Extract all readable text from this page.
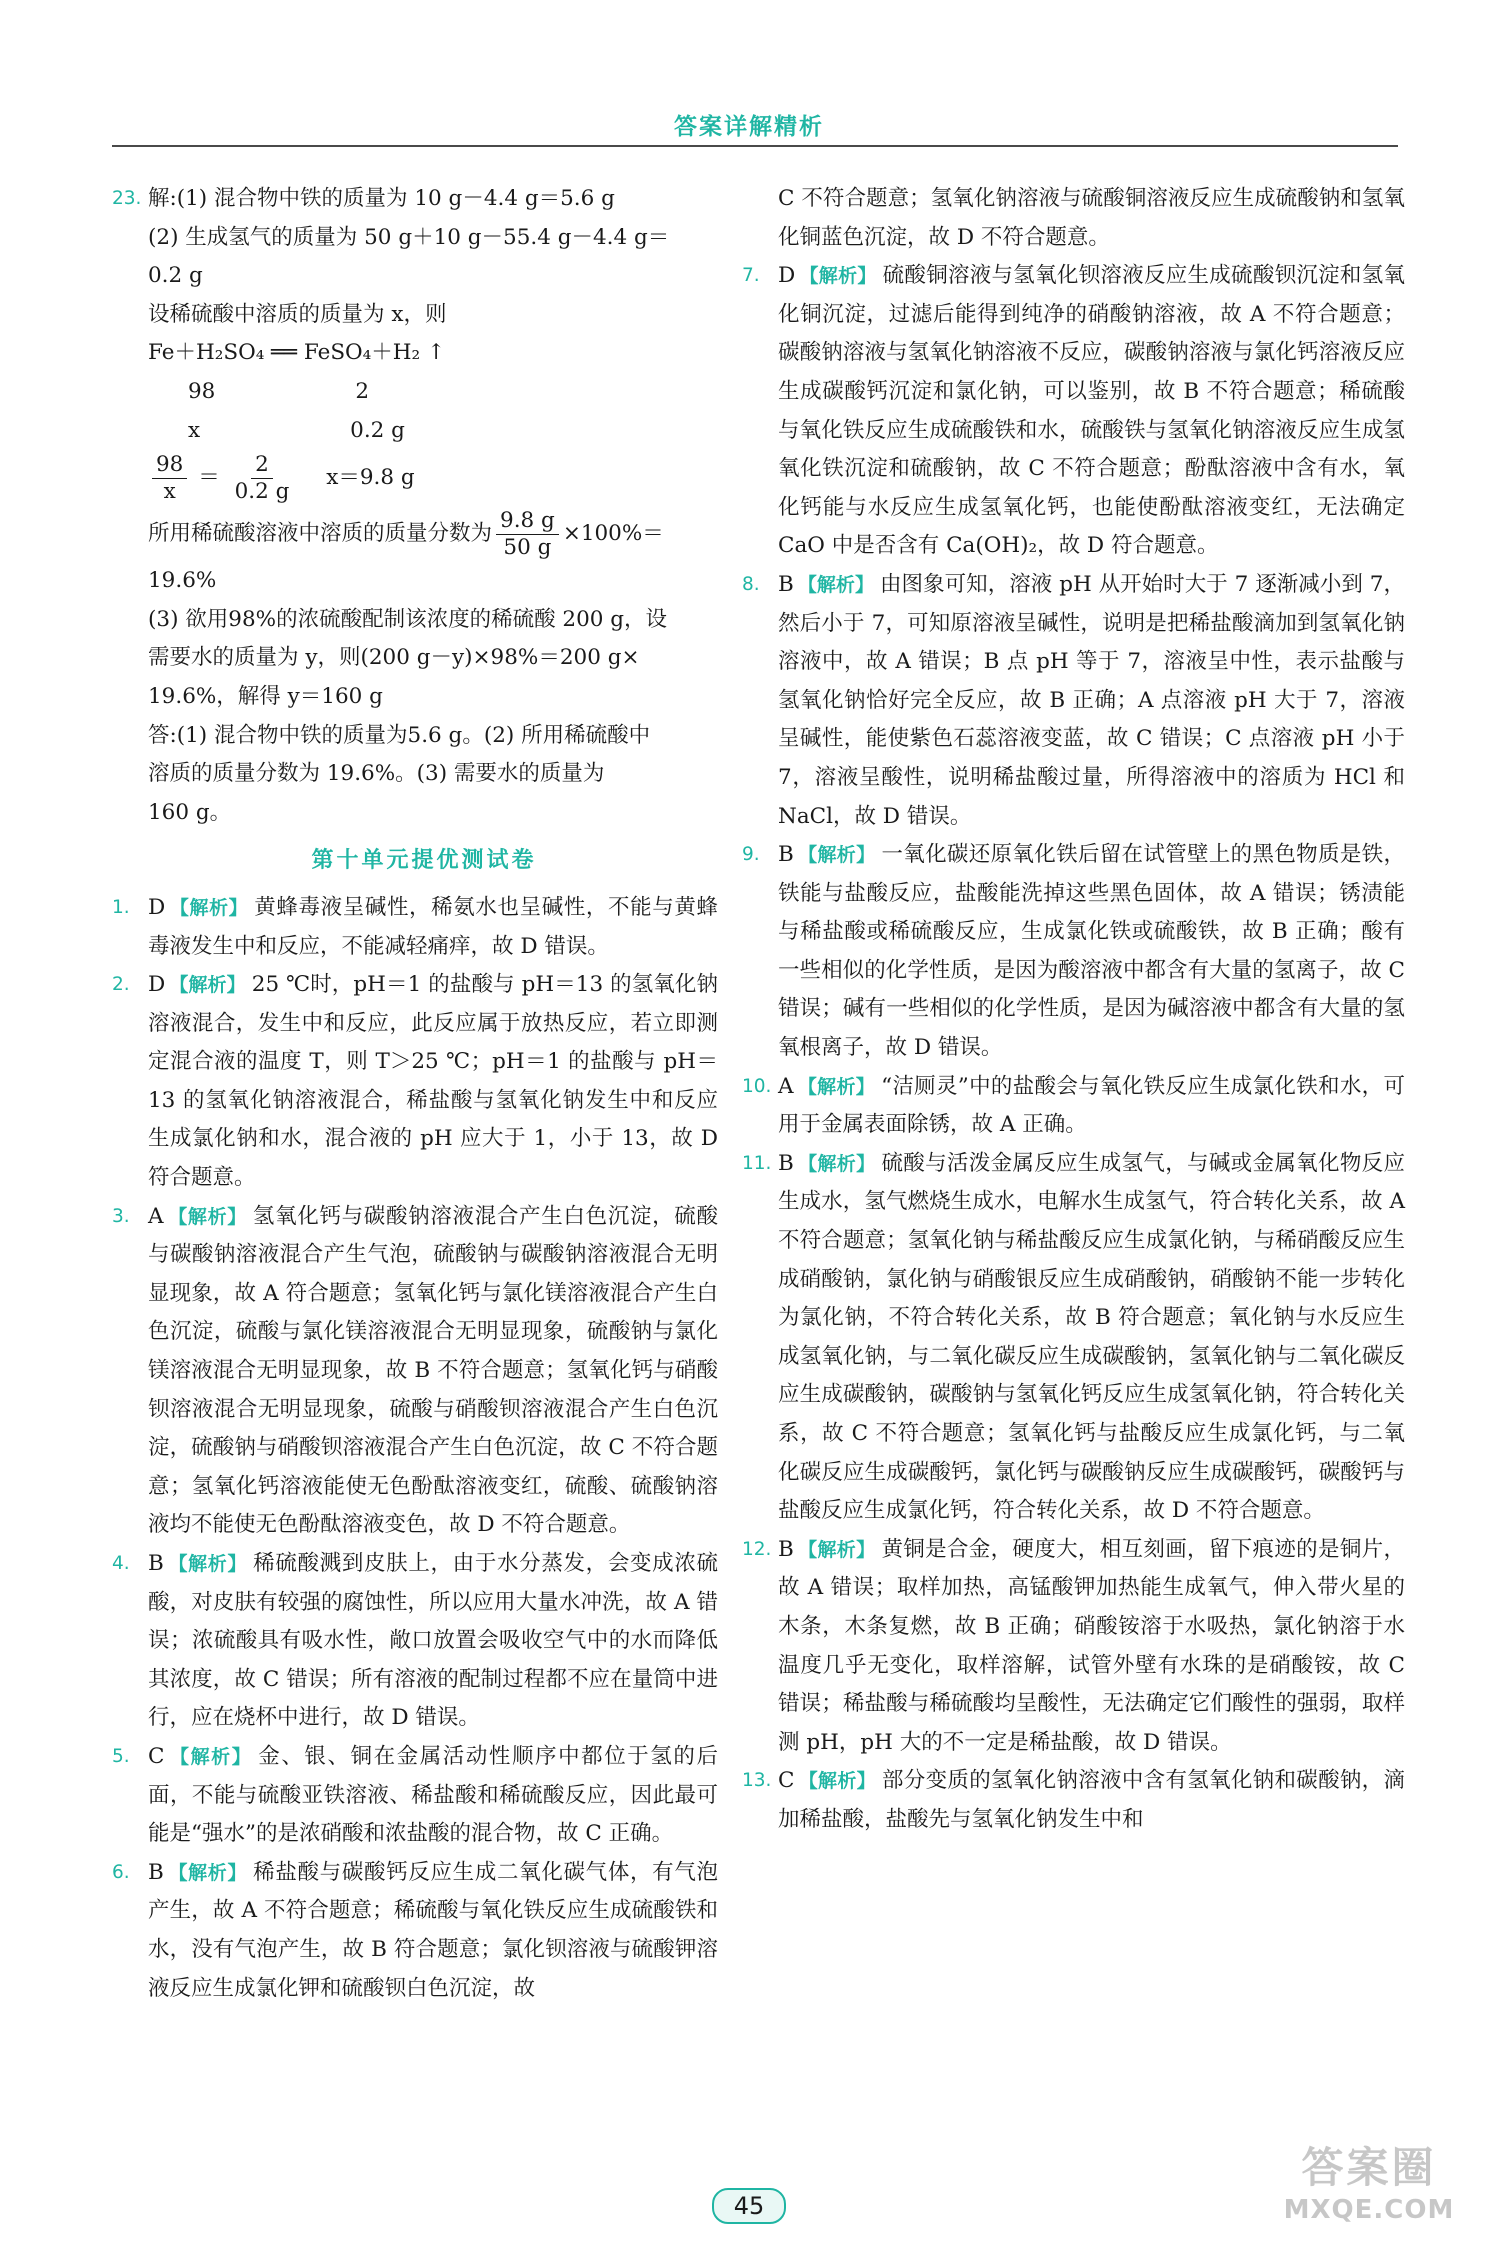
答案详解精析
23. 解:(1) 混合物中铁的质量为 10 g－4.4 g＝5.6 g
(2) 生成氢气的质量为 50 g＋10 g－55.4 g－4.4 g＝
0.2 g
设稀硫酸中溶质的质量为 x，则
Fe＋H₂SO₄ ══ FeSO₄＋H₂ ↑
98	2
x	0.2 g
$\frac{98}{x} = \frac{2}{0.2 g} x=9.8$ g
所用稀硫酸溶液中溶质的质量分数为 $\frac{9.8 g}{50 g} \times 100\%=$
19.6%
(3) 欲用98%的浓硫酸配制该浓度的稀硫酸 200 g，设
需要水的质量为 y，则(200 g－y)×98%＝200 g×
19.6%，解得 y＝160 g
答:(1) 混合物中铁的质量为5.6 g。(2) 所用稀硫酸中
溶质的质量分数为 19.6%。(3) 需要水的质量为
160 g。
第十单元提优测试卷
1. D 【解析】 黄蜂毒液呈碱性，稀氨水也呈碱性，不能与黄蜂毒液发生中和反应，不能减轻痛痒，故 D 错误。
2. D 【解析】 25 ℃时，pH＝1 的盐酸与 pH＝13 的氢氧化钠溶液混合，发生中和反应，此反应属于放热反应，若立即测定混合液的温度 T，则 T＞25 ℃；pH＝1 的盐酸与 pH＝13 的氢氧化钠溶液混合，稀盐酸与氢氧化钠发生中和反应生成氯化钠和水，混合液的 pH 应大于 1，小于 13，故 D 符合题意。
3. A 【解析】 氢氧化钙与碳酸钠溶液混合产生白色沉淀，硫酸与碳酸钠溶液混合产生气泡，硫酸钠与碳酸钠溶液混合无明显现象，故 A 符合题意；氢氧化钙与氯化镁溶液混合产生白色沉淀，硫酸与氯化镁溶液混合无明显现象，硫酸钠与氯化镁溶液混合无明显现象，故 B 不符合题意；氢氧化钙与硝酸钡溶液混合无明显现象，硫酸与硝酸钡溶液混合产生白色沉淀，硫酸钠与硝酸钡溶液混合产生白色沉淀，故 C 不符合题意；氢氧化钙溶液能使无色酚酞溶液变红，硫酸、硫酸钠溶液均不能使无色酚酞溶液变色，故 D 不符合题意。
4. B 【解析】 稀硫酸溅到皮肤上，由于水分蒸发，会变成浓硫酸，对皮肤有较强的腐蚀性，所以应用大量水冲洗，故 A 错误；浓硫酸具有吸水性，敞口放置会吸收空气中的水而降低其浓度，故 C 错误；所有溶液的配制过程都不应在量筒中进行，应在烧杯中进行，故 D 错误。
5. C 【解析】 金、银、铜在金属活动性顺序中都位于氢的后面，不能与硫酸亚铁溶液、稀盐酸和稀硫酸反应，因此最可能是“强水”的是浓硝酸和浓盐酸的混合物，故 C 正确。
6. B 【解析】 稀盐酸与碳酸钙反应生成二氧化碳气体，有气泡产生，故 A 不符合题意；稀硫酸与氧化铁反应生成硫酸铁和水，没有气泡产生，故 B 符合题意；氯化钡溶液与硫酸钾溶液反应生成氯化钾和硫酸钡白色沉淀，故
C 不符合题意；氢氧化钠溶液与硫酸铜溶液反应生成硫酸钠和氢氧化铜蓝色沉淀，故 D 不符合题意。
7. D 【解析】 硫酸铜溶液与氢氧化钡溶液反应生成硫酸钡沉淀和氢氧化铜沉淀，过滤后能得到纯净的硝酸钠溶液，故 A 不符合题意；碳酸钠溶液与氢氧化钠溶液不反应，碳酸钠溶液与氯化钙溶液反应生成碳酸钙沉淀和氯化钠，可以鉴别，故 B 不符合题意；稀硫酸与氧化铁反应生成硫酸铁和水，硫酸铁与氢氧化钠溶液反应生成氢氧化铁沉淀和硫酸钠，故 C 不符合题意；酚酞溶液中含有水，氧化钙能与水反应生成氢氧化钙，也能使酚酞溶液变红，无法确定 CaO 中是否含有 Ca(OH)₂，故 D 符合题意。
8. B 【解析】 由图象可知，溶液 pH 从开始时大于 7 逐渐减小到 7，然后小于 7，可知原溶液呈碱性，说明是把稀盐酸滴加到氢氧化钠溶液中，故 A 错误；B 点 pH 等于 7，溶液呈中性，表示盐酸与氢氧化钠恰好完全反应，故 B 正确；A 点溶液 pH 大于 7，溶液呈碱性，能使紫色石蕊溶液变蓝，故 C 错误；C 点溶液 pH 小于 7，溶液呈酸性，说明稀盐酸过量，所得溶液中的溶质为 HCl 和 NaCl，故 D 错误。
9. B 【解析】 一氧化碳还原氧化铁后留在试管壁上的黑色物质是铁，铁能与盐酸反应，盐酸能洗掉这些黑色固体，故 A 错误；锈渍能与稀盐酸或稀硫酸反应，生成氯化铁或硫酸铁，故 B 正确；酸有一些相似的化学性质，是因为酸溶液中都含有大量的氢离子，故 C 错误；碱有一些相似的化学性质，是因为碱溶液中都含有大量的氢氧根离子，故 D 错误。
10. A 【解析】 “洁厕灵”中的盐酸会与氧化铁反应生成氯化铁和水，可用于金属表面除锈，故 A 正确。
11. B 【解析】 硫酸与活泼金属反应生成氢气，与碱或金属氧化物反应生成水，氢气燃烧生成水，电解水生成氢气，符合转化关系，故 A 不符合题意；氢氧化钠与稀盐酸反应生成氯化钠，与稀硝酸反应生成硝酸钠，氯化钠与硝酸银反应生成硝酸钠，硝酸钠不能一步转化为氯化钠，不符合转化关系，故 B 符合题意；氧化钠与水反应生成氢氧化钠，与二氧化碳反应生成碳酸钠，氢氧化钠与二氧化碳反应生成碳酸钠，碳酸钠与氢氧化钙反应生成氢氧化钠，符合转化关系，故 C 不符合题意；氢氧化钙与盐酸反应生成氯化钙，与二氧化碳反应生成碳酸钙，氯化钙与碳酸钠反应生成碳酸钙，碳酸钙与盐酸反应生成氯化钙，符合转化关系，故 D 不符合题意。
12. B 【解析】 黄铜是合金，硬度大，相互刻画，留下痕迹的是铜片，故 A 错误；取样加热，高锰酸钾加热能生成氧气，伸入带火星的木条，木条复燃，故 B 正确；硝酸铵溶于水吸热，氯化钠溶于水温度几乎无变化，取样溶解，试管外壁有水珠的是硝酸铵，故 C 错误；稀盐酸与稀硫酸均呈酸性，无法确定它们酸性的强弱，取样测 pH，pH 大的不一定是稀盐酸，故 D 错误。
13. C 【解析】 部分变质的氢氧化钠溶液中含有氢氧化钠和碳酸钠，滴加稀盐酸，盐酸先与氢氧化钠发生中和
45
答案圈
MXQE.COM
